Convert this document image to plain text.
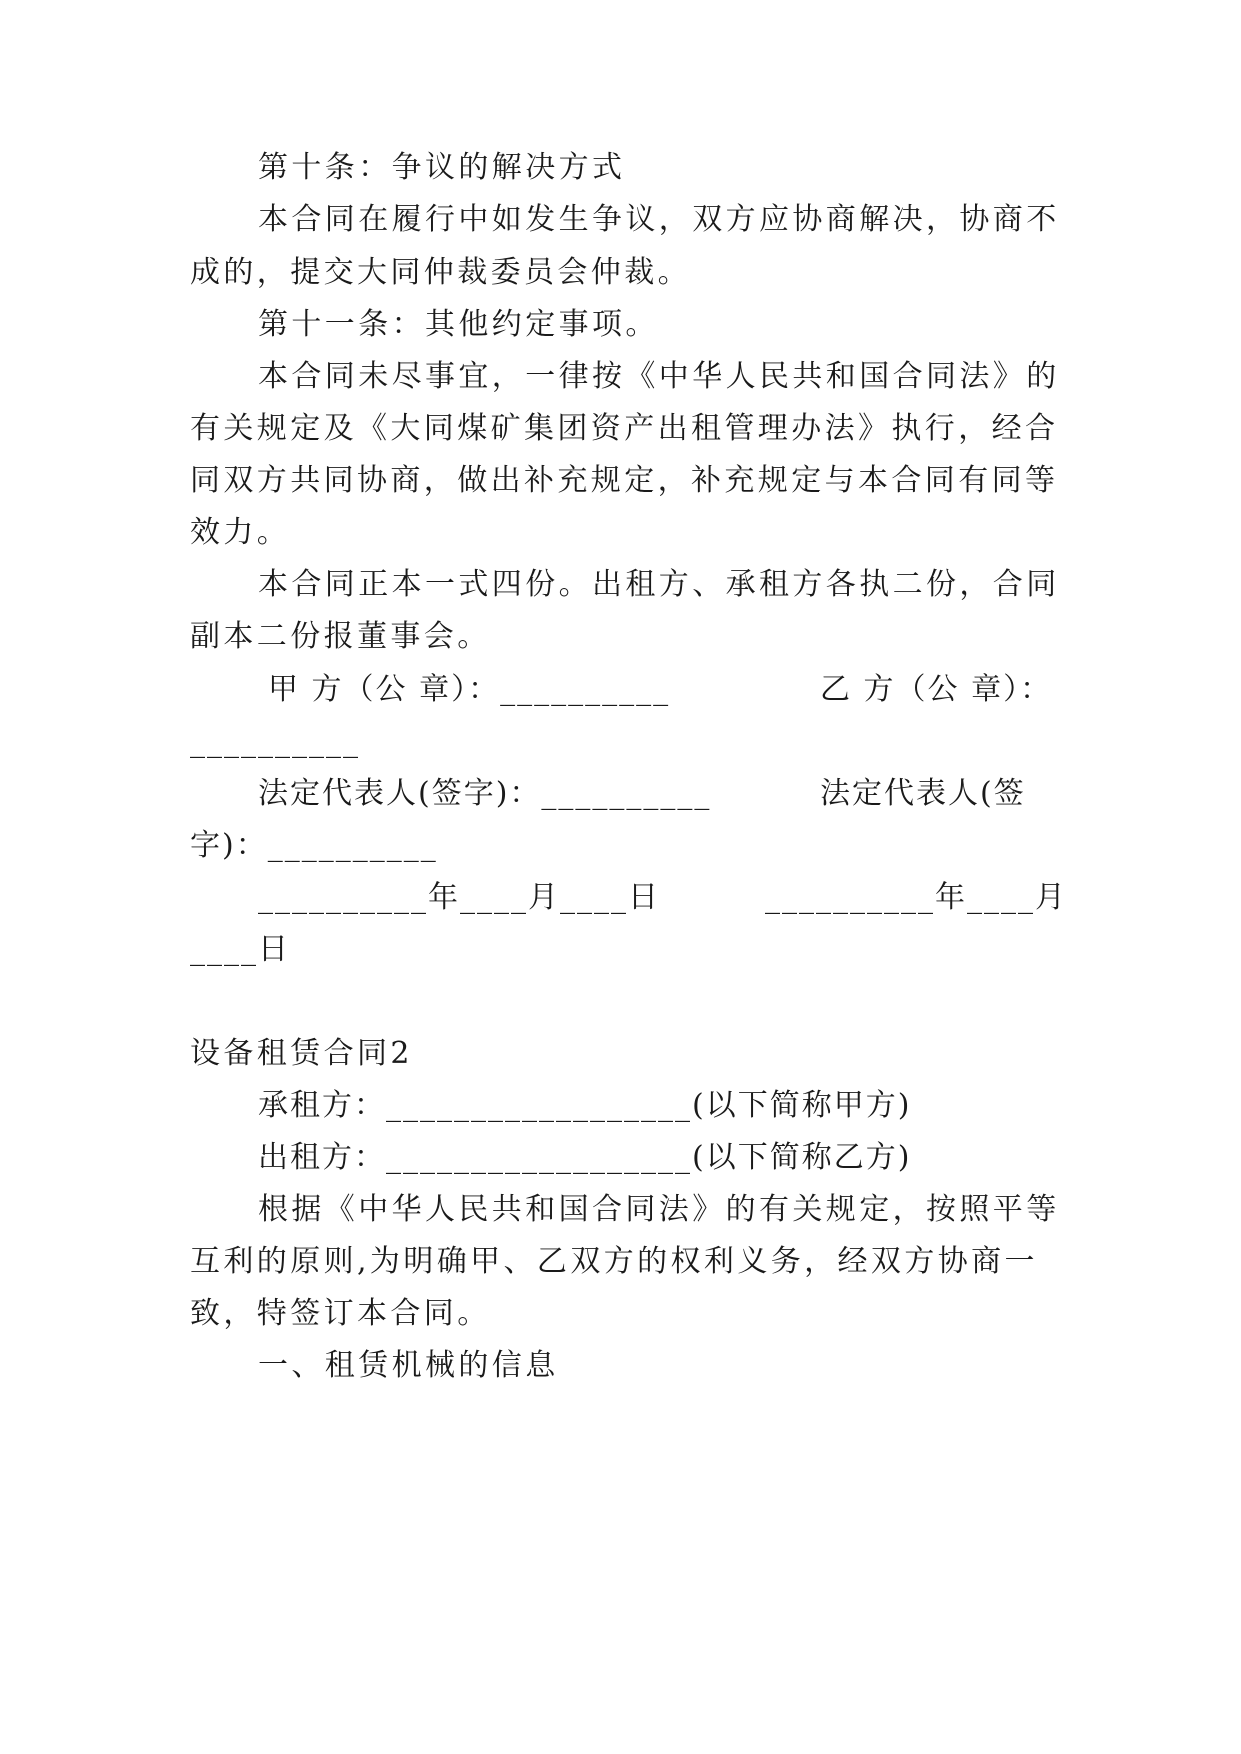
第十条：争议的解决方式
本合同在履行中如发生争议，双方应协商解决，协商不
成的，提交大同仲裁委员会仲裁。
第十一条：其他约定事项。
本合同未尽事宜，一律按《中华人民共和国合同法》的
有关规定及《大同煤矿集团资产出租管理办法》执行，经合
同双方共同协商，做出补充规定，补充规定与本合同有同等
效力。
本合同正本一式四份。出租方、承租方各执二份，合同
副本二份报董事会。
甲 方（公 章）：__________	乙 方（公 章）：
__________
法定代表人(签字)：__________	法定代表人(签
字)：__________
__________年____月____日	__________年____月
____日
设备租赁合同2
承租方：__________________(以下简称甲方)
出租方：__________________(以下简称乙方)
根据《中华人民共和国合同法》的有关规定，按照平等
互利的原则,为明确甲、乙双方的权利义务，经双方协商一
致，特签订本合同。
一、租赁机械的信息
